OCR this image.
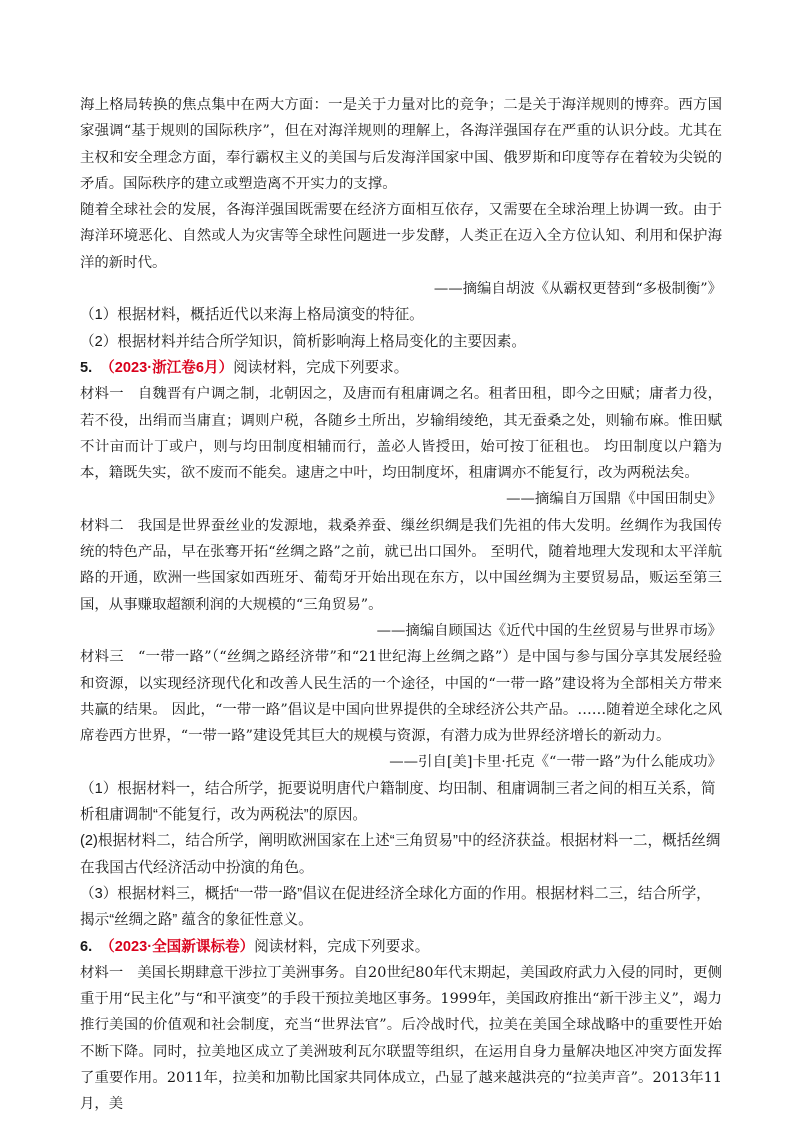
海上格局转换的焦点集中在两大方面：一是关于力量对比的竞争；二是关于海洋规则的博弈。西方国家强调“基于规则的国际秩序”，但在对海洋规则的理解上，各海洋强国存在严重的认识分歧。尤其在主权和安全理念方面，奉行霸权主义的美国与后发海洋国家中国、俄罗斯和印度等存在着较为尖锐的矛盾。国际秩序的建立或塑造离不开实力的支撑。

随着全球社会的发展，各海洋强国既需要在经济方面相互依存，又需要在全球治理上协调一致。由于海洋环境恶化、自然或人为灾害等全球性问题进一步发酵，人类正在迈入全方位认知、利用和保护海洋的新时代。

——摘编自胡波《从霸权更替到“多极制衡”》

（1）根据材料，概括近代以来海上格局演变的特征。

（2）根据材料并结合所学知识，简析影响海上格局变化的主要因素。

5. （2023·浙江卷6月）阅读材料，完成下列要求。

材料一 自魏晋有户调之制，北朝因之，及唐而有租庸调之名。租者田租，即今之田赋；庸者力役，若不役，出绢而当庸直；调则户税，各随乡土所出，岁输绢绫绝，其无蚕桑之处，则输布麻。惟田赋不计亩而计丁或户，则与均田制度相辅而行，盖必人皆授田，始可按丁征租也。 均田制度以户籍为本，籍既失实，欲不废而不能矣。逮唐之中叶，均田制度坏，租庸调亦不能复行，改为两税法矣。

——摘编自万国鼎《中国田制史》

材料二 我国是世界蚕丝业的发源地，栽桑养蚕、缫丝织绸是我们先祖的伟大发明。丝绸作为我国传统的特色产品，早在张骞开拓“丝绸之路”之前，就已出口国外。 至明代，随着地理大发现和太平洋航路的开通，欧洲一些国家如西班牙、葡萄牙开始出现在东方，以中国丝绸为主要贸易品，贩运至第三国，从事赚取超额利润的大规模的“三角贸易”。

——摘编自顾国达《近代中国的生丝贸易与世界市场》

材料三 “一带一路”（“丝绸之路经济带”和“21世纪海上丝绸之路”）是中国与参与国分享其发展经验和资源，以实现经济现代化和改善人民生活的一个途径，中国的“一带一路”建设将为全部相关方带来共赢的结果。 因此，“一带一路”倡议是中国向世界提供的全球经济公共产品。……随着逆全球化之风席卷西方世界，“一带一路”建设凭其巨大的规模与资源，有潜力成为世界经济增长的新动力。

——引自[美]卡里·托克《“一带一路”为什么能成功》

（1）根据材料一，结合所学，扼要说明唐代户籍制度、均田制、租庸调制三者之间的相互关系，简析租庸调制“不能复行，改为两税法”的原因。

(2)根据材料二，结合所学，阐明欧洲国家在上述“三角贸易”中的经济获益。根据材料一二，概括丝绸在我国古代经济活动中扮演的角色。

（3）根据材料三，概括“一带一路”倡议在促进经济全球化方面的作用。根据材料二三，结合所学，揭示“丝绸之路” 蕴含的象征性意义。

6. （2023·全国新课标卷）阅读材料，完成下列要求。

材料一 美国长期肆意干涉拉丁美洲事务。自20世纪80年代末期起，美国政府武力入侵的同时，更侧重于用“民主化”与“和平演变”的手段干预拉美地区事务。1999年，美国政府推出“新干涉主义”，竭力推行美国的价值观和社会制度，充当“世界法官”。后冷战时代，拉美在美国全球战略中的重要性开始不断下降。同时，拉美地区成立了美洲玻利瓦尔联盟等组织，在运用自身力量解决地区冲突方面发挥了重要作用。2011年，拉美和加勒比国家共同体成立，凸显了越来越洪亮的“拉美声音”。2013年11月，美
